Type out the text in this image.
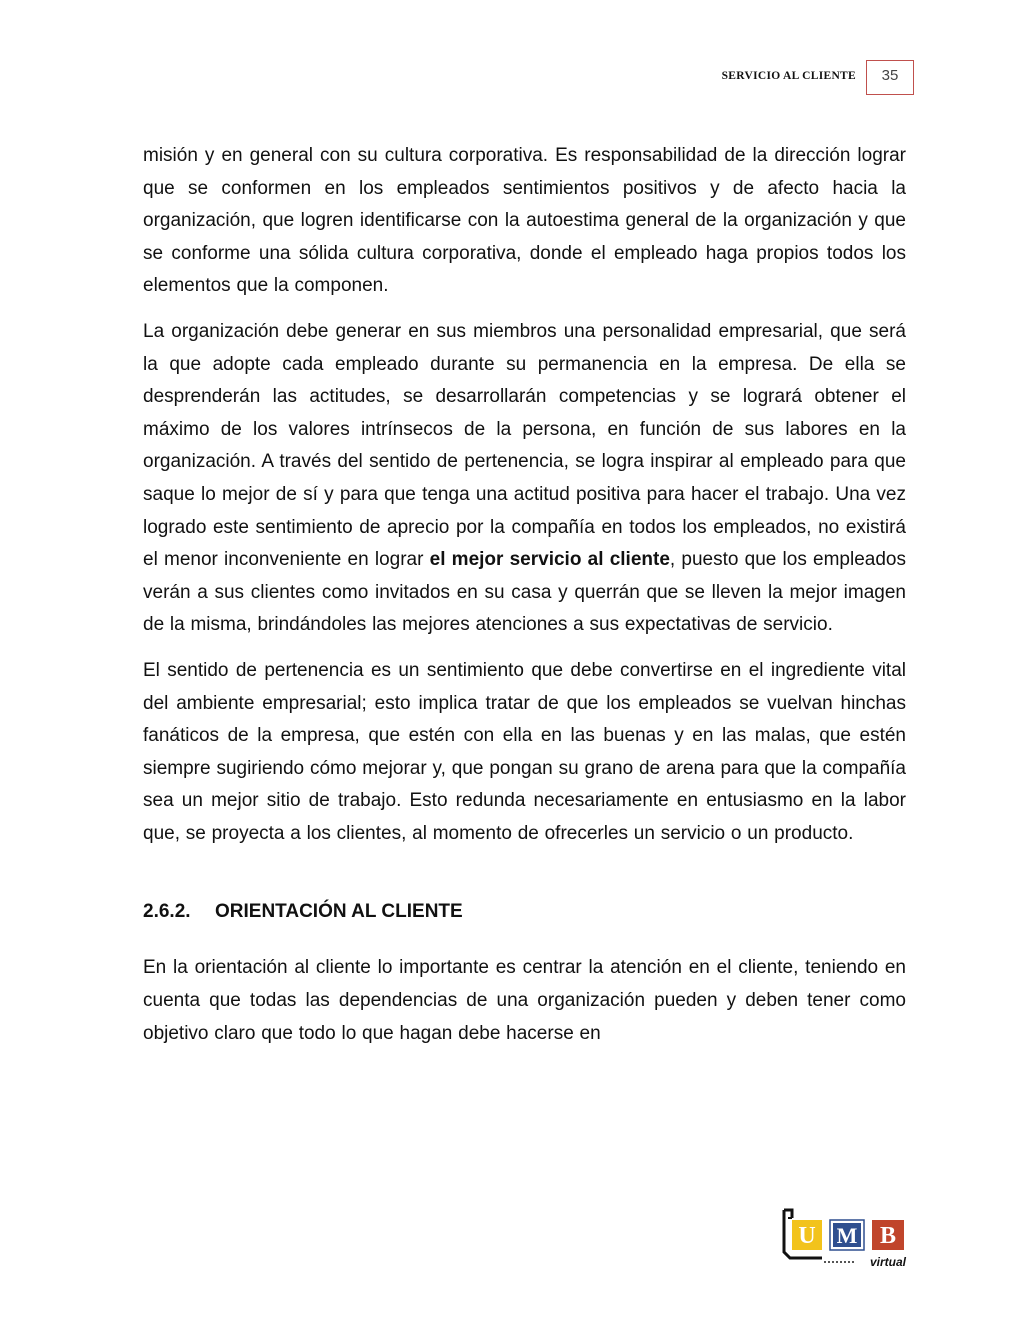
SERVICIO AL CLIENTE	35

misión y en general con su cultura corporativa. Es responsabilidad de la dirección lograr que se conformen en los empleados sentimientos positivos y de afecto hacia la organización, que logren identificarse con la autoestima general de la organización y que se conforme una sólida cultura corporativa, donde el empleado haga propios todos los elementos que la componen.

La organización debe generar en sus miembros una personalidad empresarial, que será la que adopte cada empleado durante su permanencia en la empresa. De ella se desprenderán las actitudes, se desarrollarán competencias y se logrará obtener el máximo de los valores intrínsecos de la persona, en función de sus labores en la organización. A través del sentido de pertenencia, se logra inspirar al empleado para que saque lo mejor de sí y para que tenga una actitud positiva para hacer el trabajo. Una vez logrado este sentimiento de aprecio por la compañía en todos los empleados, no existirá el menor inconveniente en lograr el mejor servicio al cliente, puesto que los empleados verán a sus clientes como invitados en su casa y querrán que se lleven la mejor imagen de la misma, brindándoles las mejores atenciones a sus expectativas de servicio.

El sentido de pertenencia es un sentimiento que debe convertirse en el ingrediente vital del ambiente empresarial; esto implica tratar de que los empleados se vuelvan hinchas fanáticos de la empresa, que estén con ella en las buenas y en las malas, que estén siempre sugiriendo cómo mejorar y, que pongan su grano de arena para que la compañía sea un mejor sitio de trabajo. Esto redunda necesariamente en entusiasmo en la labor que, se proyecta a los clientes, al momento de ofrecerles un servicio o un producto.

2.6.2. ORIENTACIÓN AL CLIENTE

En la orientación al cliente lo importante es centrar la atención en el cliente, teniendo en cuenta que todas las dependencias de una organización pueden y deben tener como objetivo claro que todo lo que hagan debe hacerse en

U M B
virtual
